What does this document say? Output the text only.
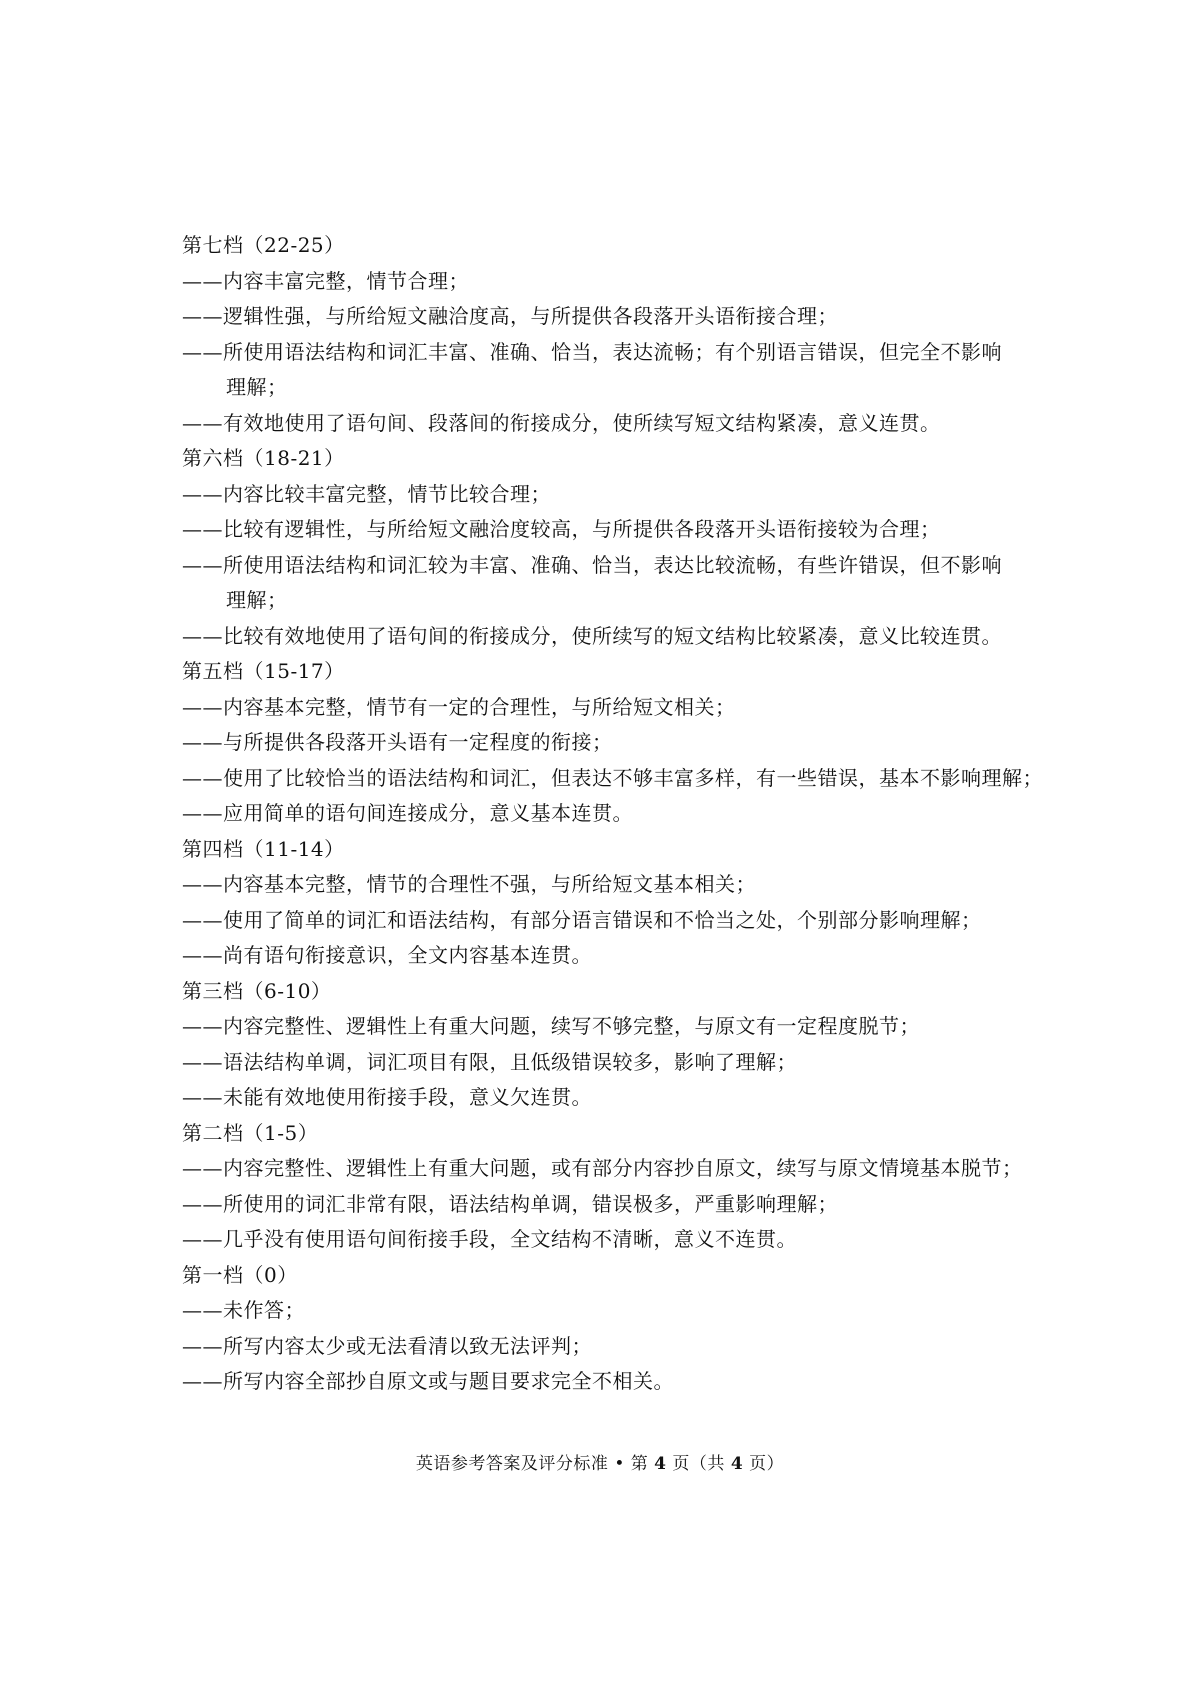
第七档（22-25）
——内容丰富完整，情节合理；
——逻辑性强，与所给短文融洽度高，与所提供各段落开头语衔接合理；
——所使用语法结构和词汇丰富、准确、恰当，表达流畅；有个别语言错误，但完全不影响
理解；
——有效地使用了语句间、段落间的衔接成分，使所续写短文结构紧凑，意义连贯。
第六档（18-21）
——内容比较丰富完整，情节比较合理；
——比较有逻辑性，与所给短文融洽度较高，与所提供各段落开头语衔接较为合理；
——所使用语法结构和词汇较为丰富、准确、恰当，表达比较流畅，有些许错误，但不影响
理解；
——比较有效地使用了语句间的衔接成分，使所续写的短文结构比较紧凑，意义比较连贯。
第五档（15-17）
——内容基本完整，情节有一定的合理性，与所给短文相关；
——与所提供各段落开头语有一定程度的衔接；
——使用了比较恰当的语法结构和词汇，但表达不够丰富多样，有一些错误，基本不影响理解；
——应用简单的语句间连接成分，意义基本连贯。
第四档（11-14）
——内容基本完整，情节的合理性不强，与所给短文基本相关；
——使用了简单的词汇和语法结构，有部分语言错误和不恰当之处，个别部分影响理解；
——尚有语句衔接意识，全文内容基本连贯。
第三档（6-10）
——内容完整性、逻辑性上有重大问题，续写不够完整，与原文有一定程度脱节；
——语法结构单调，词汇项目有限，且低级错误较多，影响了理解；
——未能有效地使用衔接手段，意义欠连贯。
第二档（1-5）
——内容完整性、逻辑性上有重大问题，或有部分内容抄自原文，续写与原文情境基本脱节；
——所使用的词汇非常有限，语法结构单调，错误极多，严重影响理解；
——几乎没有使用语句间衔接手段，全文结构不清晰，意义不连贯。
第一档（0）
——未作答；
——所写内容太少或无法看清以致无法评判；
——所写内容全部抄自原文或与题目要求完全不相关。
英语参考答案及评分标准 • 第 4 页（共 4 页）
